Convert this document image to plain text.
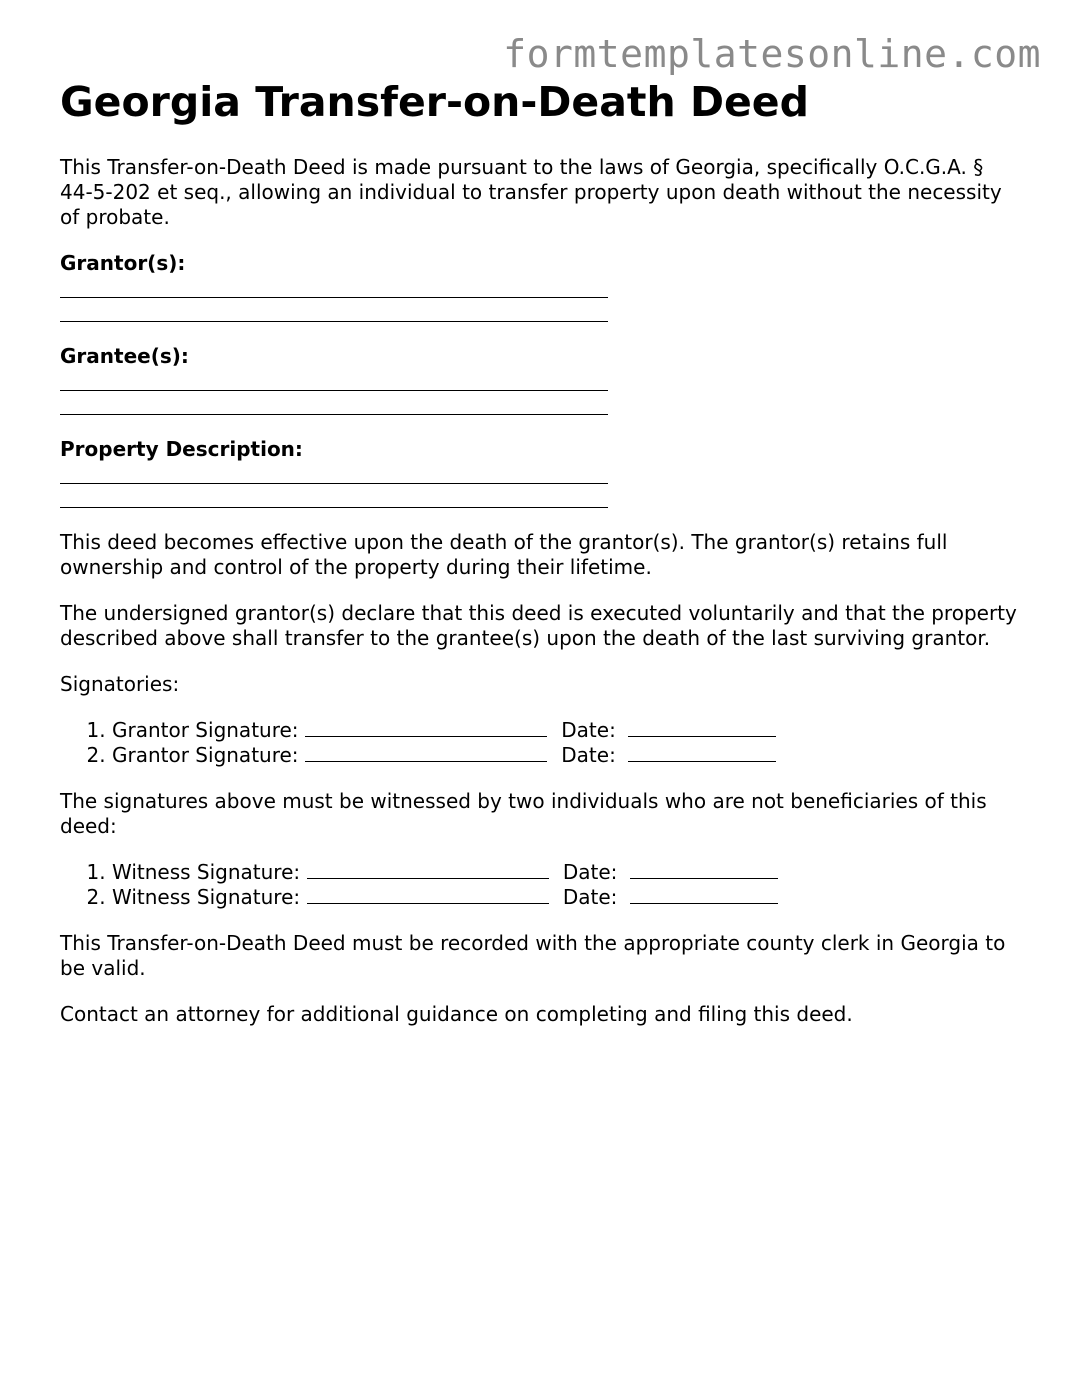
formtemplatesonline.com
Georgia Transfer-on-Death Deed

This Transfer-on-Death Deed is made pursuant to the laws of Georgia, specifically O.C.G.A. § 44-5-202 et seq., allowing an individual to transfer property upon death without the necessity of probate.

Grantor(s):
Grantee(s):
Property Description:

This deed becomes effective upon the death of the grantor(s). The grantor(s) retains full ownership and control of the property during their lifetime.

The undersigned grantor(s) declare that this deed is executed voluntarily and that the property described above shall transfer to the grantee(s) upon the death of the last surviving grantor.

Signatories:

1. Grantor Signature:	Date:
2. Grantor Signature:	Date:

The signatures above must be witnessed by two individuals who are not beneficiaries of this deed:

1. Witness Signature:	Date:
2. Witness Signature:	Date:

This Transfer-on-Death Deed must be recorded with the appropriate county clerk in Georgia to be valid.

Contact an attorney for additional guidance on completing and filing this deed.
